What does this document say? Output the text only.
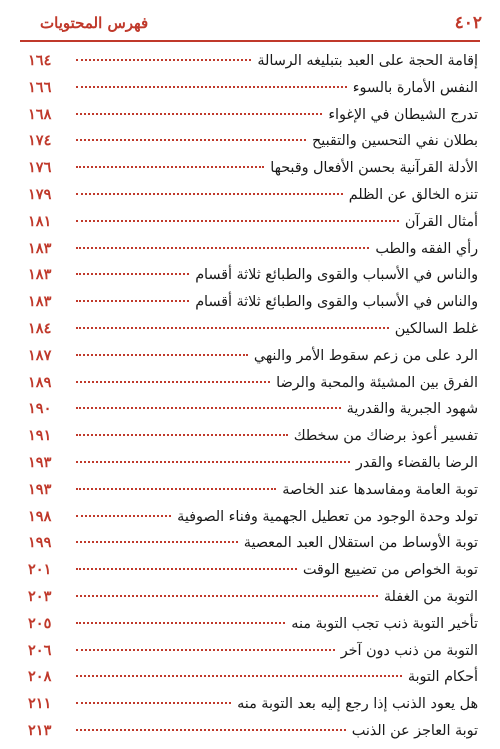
٤٠٢
فهرس المحتويات
إقامة الحجة على العبد بتبليغه الرسالة
١٦٤
النفس الأمارة بالسوء
١٦٦
تدرج الشيطان في الإغواء
١٦٨
بطلان نفي التحسين والتقبيح
١٧٤
الأدلة القرآنية بحسن الأفعال وقبحها
١٧٦
تنزه الخالق عن الظلم
١٧٩
أمثال القرآن
١٨١
رأي الفقه والطب
١٨٣
والناس في الأسباب والقوى والطبائع ثلاثة أقسام
١٨٣
والناس في الأسباب والقوى والطبائع ثلاثة أقسام
١٨٣
غلط السالكين
١٨٤
الرد على من زعم سقوط الأمر والنهي
١٨٧
الفرق بين المشيئة والمحبة والرضا
١٨٩
شهود الجبرية والقدرية
١٩٠
تفسير أعوذ برضاك من سخطك
١٩١
الرضا بالقضاء والقدر
١٩٣
توبة العامة ومفاسدها عند الخاصة
١٩٣
تولد وحدة الوجود من تعطيل الجهمية وفناء الصوفية
١٩٨
توبة الأوساط من استقلال العبد المعصية
١٩٩
توبة الخواص من تضييع الوقت
٢٠١
التوبة من الغفلة
٢٠٣
تأخير التوبة ذنب تجب التوبة منه
٢٠٥
التوبة من ذنب دون آخر
٢٠٦
أحكام التوبة
٢٠٨
هل يعود الذنب إذا رجع إليه بعد التوبة منه
٢١١
توبة العاجز عن الذنب
٢١٣
